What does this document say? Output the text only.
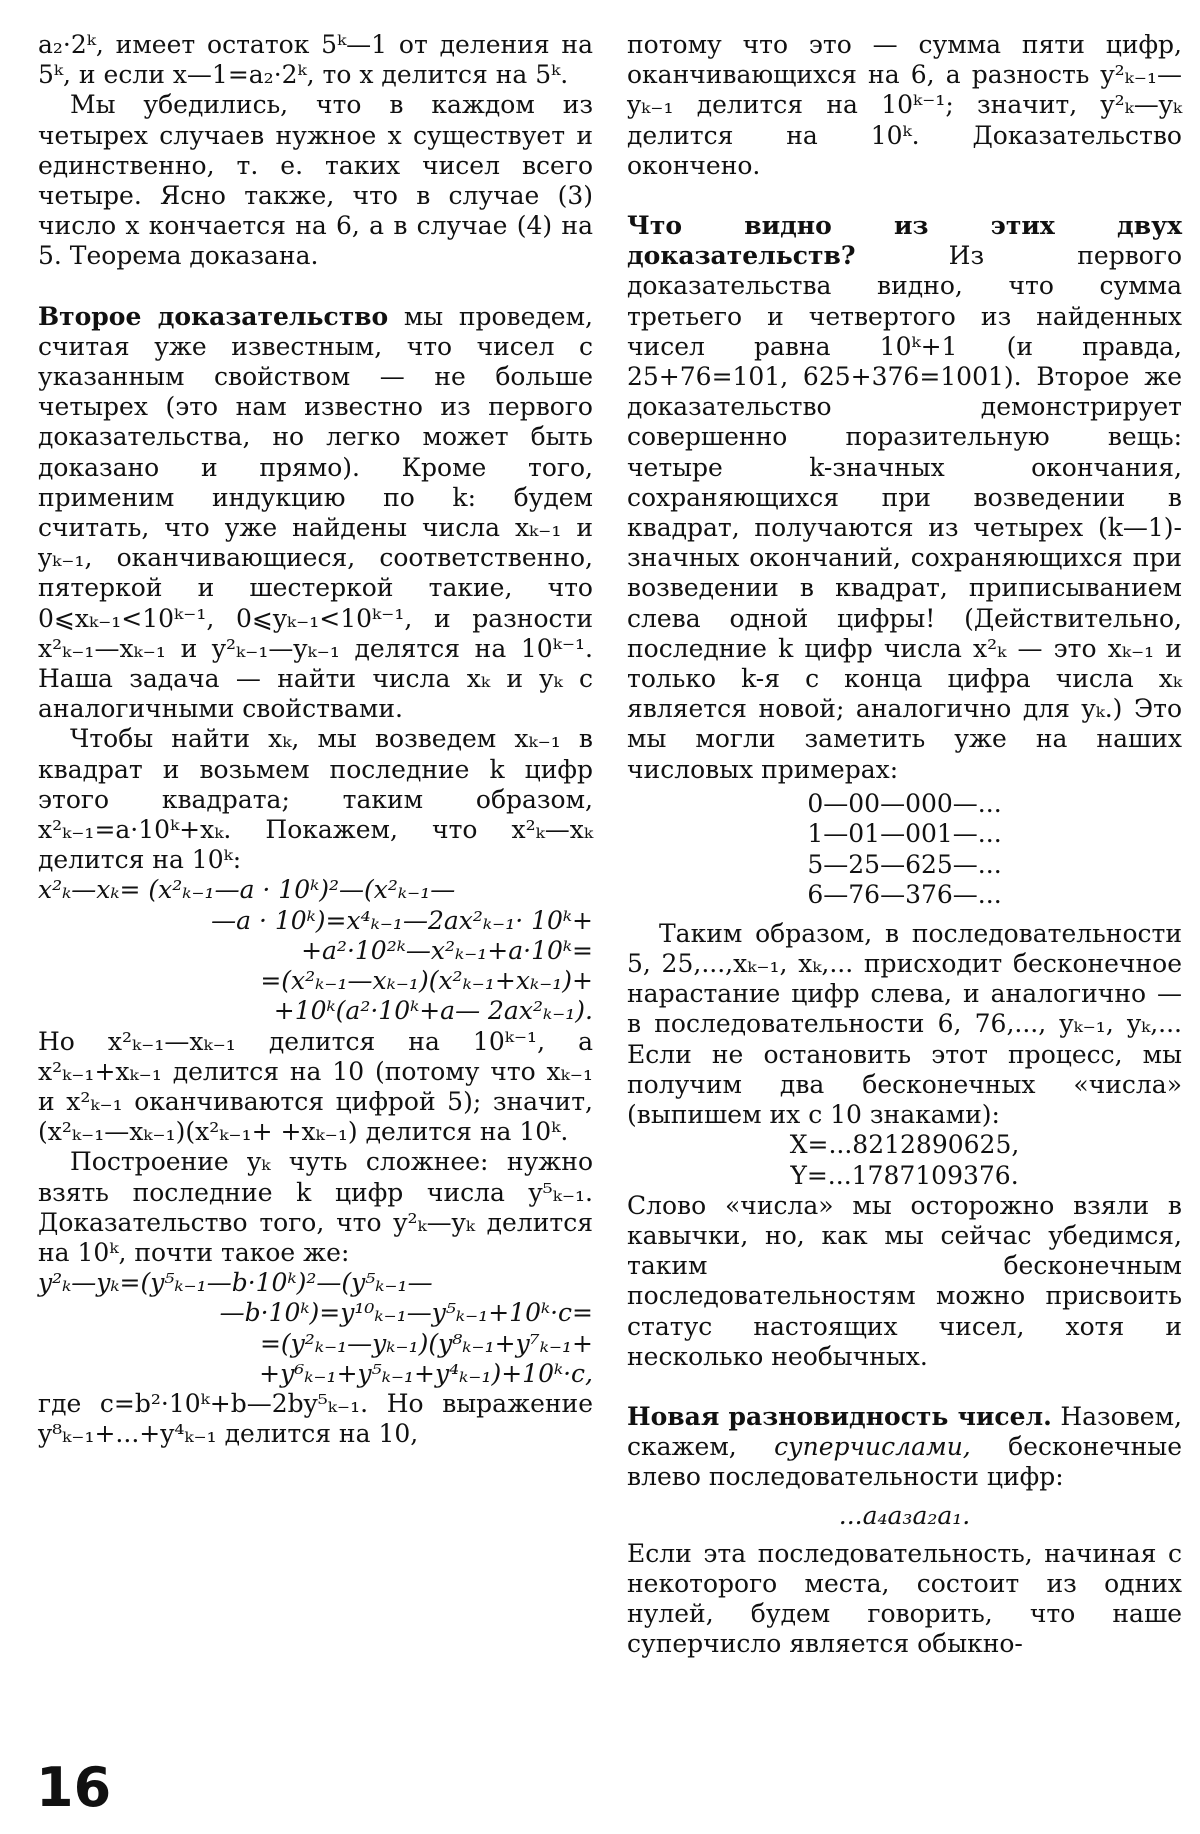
a₂·2ᵏ, имеет остаток 5ᵏ—1 от деления на 5ᵏ, и если x—1=a₂·2ᵏ, то x делится на 5ᵏ.

Мы убедились, что в каждом из четырех случаев нужное x существует и единственно, т. е. таких чисел всего четыре. Ясно также, что в случае (3) число x кончается на 6, а в случае (4) на 5. Теорема доказана.

Второе доказательство мы проведем, считая уже известным, что чисел с указанным свойством — не больше четырех (это нам известно из первого доказательства, но легко может быть доказано и прямо). Кроме того, применим индукцию по k: будем считать, что уже найдены числа xₖ₋₁ и yₖ₋₁, оканчивающиеся, соответственно, пятеркой и шестеркой такие, что 0⩽xₖ₋₁<10ᵏ⁻¹, 0⩽yₖ₋₁<10ᵏ⁻¹, и разности x²ₖ₋₁—xₖ₋₁ и y²ₖ₋₁—yₖ₋₁ делятся на 10ᵏ⁻¹. Наша задача — найти числа xₖ и yₖ с аналогичными свойствами.

Чтобы найти xₖ, мы возведем xₖ₋₁ в квадрат и возьмем последние k цифр этого квадрата; таким образом, x²ₖ₋₁=a·10ᵏ+xₖ. Покажем, что x²ₖ—xₖ делится на 10ᵏ:

x²ₖ—xₖ= (x²ₖ₋₁—a · 10ᵏ)²—(x²ₖ₋₁—
—a · 10ᵏ)=x⁴ₖ₋₁—2ax²ₖ₋₁· 10ᵏ+
+a²·10²ᵏ—x²ₖ₋₁+a·10ᵏ=
=(x²ₖ₋₁—xₖ₋₁)(x²ₖ₋₁+xₖ₋₁)+
+10ᵏ(a²·10ᵏ+a— 2ax²ₖ₋₁).

Но x²ₖ₋₁—xₖ₋₁ делится на 10ᵏ⁻¹, а x²ₖ₋₁+xₖ₋₁ делится на 10 (потому что xₖ₋₁ и x²ₖ₋₁ оканчиваются цифрой 5); значит, (x²ₖ₋₁—xₖ₋₁)(x²ₖ₋₁+ +xₖ₋₁) делится на 10ᵏ.

Построение yₖ чуть сложнее: нужно взять последние k цифр числа y⁵ₖ₋₁. Доказательство того, что y²ₖ—yₖ делится на 10ᵏ, почти такое же:

y²ₖ—yₖ=(y⁵ₖ₋₁—b·10ᵏ)²—(y⁵ₖ₋₁—
—b·10ᵏ)=y¹⁰ₖ₋₁—y⁵ₖ₋₁+10ᵏ·c=
=(y²ₖ₋₁—yₖ₋₁)(y⁸ₖ₋₁+y⁷ₖ₋₁+
+y⁶ₖ₋₁+y⁵ₖ₋₁+y⁴ₖ₋₁)+10ᵏ·c,

где c=b²·10ᵏ+b—2by⁵ₖ₋₁. Но выражение y⁸ₖ₋₁+...+y⁴ₖ₋₁ делится на 10,

потому что это — сумма пяти цифр, оканчивающихся на 6, а разность y²ₖ₋₁—yₖ₋₁ делится на 10ᵏ⁻¹; значит, y²ₖ—yₖ делится на 10ᵏ. Доказательство окончено.

Что видно из этих двух доказательств? Из первого доказательства видно, что сумма третьего и четвертого из найденных чисел равна 10ᵏ+1 (и правда, 25+76=101, 625+376=1001). Второе же доказательство демонстрирует совершенно поразительную вещь: четыре k-значных окончания, сохраняющихся при возведении в квадрат, получаются из четырех (k—1)-значных окончаний, сохраняющихся при возведении в квадрат, приписыванием слева одной цифры! (Действительно, последние k цифр числа x²ₖ — это xₖ₋₁ и только k-я с конца цифра числа xₖ является новой; аналогично для yₖ.) Это мы могли заметить уже на наших числовых примерах:

0—00—000—...
1—01—001—...
5—25—625—...
6—76—376—...

Таким образом, в последовательности 5, 25,...,xₖ₋₁, xₖ,... присходит бесконечное нарастание цифр слева, и аналогично — в последовательности 6, 76,..., yₖ₋₁, yₖ,... Если не остановить этот процесс, мы получим два бесконечных «числа» (выпишем их с 10 знаками):

X=...8212890625,
Y=...1787109376.

Слово «числа» мы осторожно взяли в кавычки, но, как мы сейчас убедимся, таким бесконечным последовательностям можно присвоить статус настоящих чисел, хотя и несколько необычных.

Новая разновидность чисел. Назовем, скажем, суперчислами, бесконечные влево последовательности цифр:

...a₄a₃a₂a₁.

Если эта последовательность, начиная с некоторого места, состоит из одних нулей, будем говорить, что наше суперчисло является обыкно-

16
